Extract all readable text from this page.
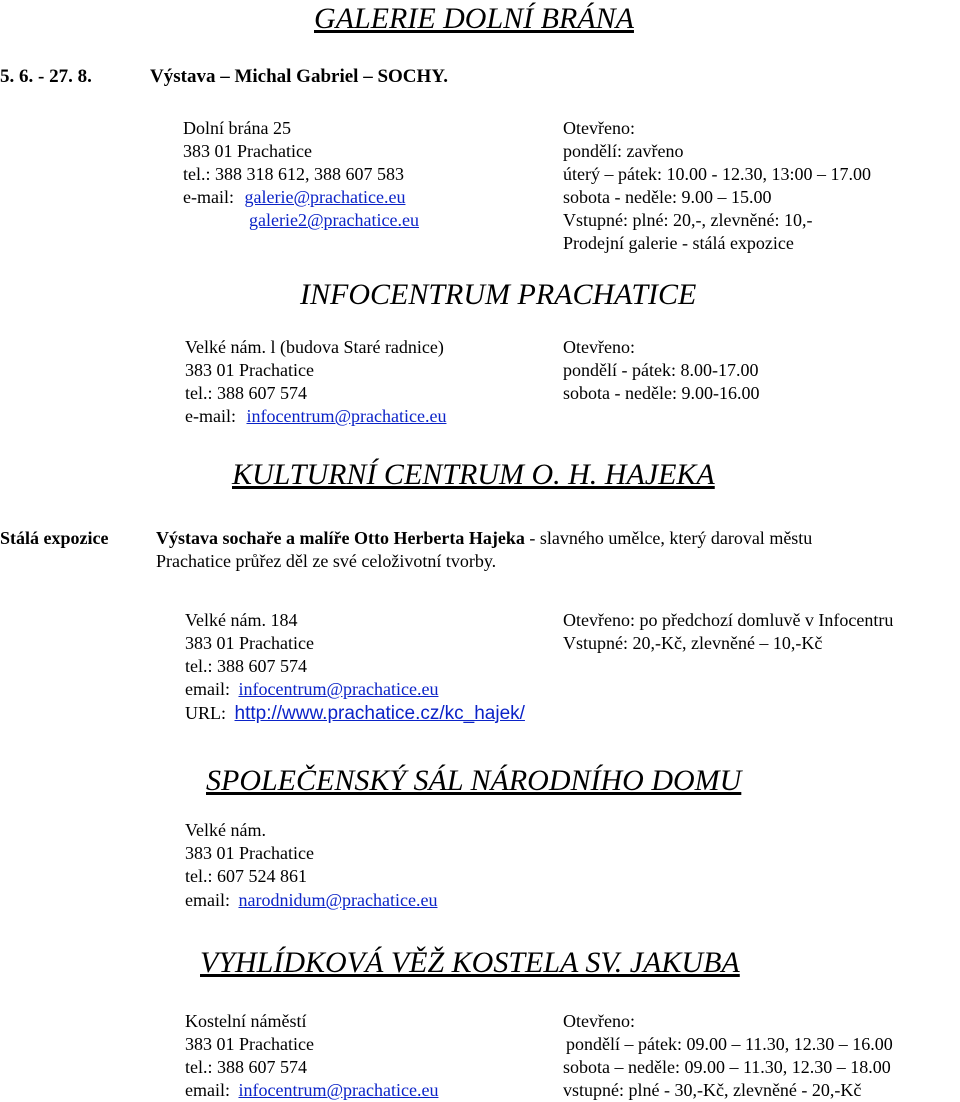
GALERIE DOLNÍ BRÁNA
5. 6. - 27. 8.	Výstava – Michal Gabriel – SOCHY.
Dolní brána 25
383 01 Prachatice
tel.: 388 318 612, 388 607 583
e-mail: galerie@prachatice.eu
galerie2@prachatice.eu
Otevřeno:
pondělí: zavřeno
úterý – pátek: 10.00 - 12.30, 13:00 – 17.00
sobota - neděle: 9.00 – 15.00
Vstupné: plné: 20,-, zlevněné: 10,-
Prodejní galerie - stálá expozice
INFOCENTRUM PRACHATICE
Velké nám. l (budova Staré radnice)
383 01 Prachatice
tel.: 388 607 574
e-mail: infocentrum@prachatice.eu
Otevřeno:
pondělí - pátek: 8.00-17.00
sobota - neděle: 9.00-16.00
KULTURNÍ CENTRUM O. H. HAJEKA
Stálá expozice	Výstava sochaře a malíře Otto Herberta Hajeka - slavného umělce, který daroval městu
Prachatice průřez děl ze své celoživotní tvorby.
Velké nám. 184
383 01 Prachatice
tel.: 388 607 574
email: infocentrum@prachatice.eu
URL: http://www.prachatice.cz/kc_hajek/
Otevřeno: po předchozí domluvě v Infocentru
Vstupné: 20,-Kč, zlevněné – 10,-Kč
SPOLEČENSKÝ SÁL NÁRODNÍHO DOMU
Velké nám.
383 01 Prachatice
tel.: 607 524 861
email: narodnidum@prachatice.eu
VYHLÍDKOVÁ VĚŽ KOSTELA SV. JAKUBA
Kostelní náměstí
383 01 Prachatice
tel.: 388 607 574
email: infocentrum@prachatice.eu
Otevřeno:
pondělí – pátek: 09.00 – 11.30, 12.30 – 16.00
sobota – neděle: 09.00 – 11.30, 12.30 – 18.00
vstupné: plné - 30,-Kč, zlevněné - 20,-Kč
